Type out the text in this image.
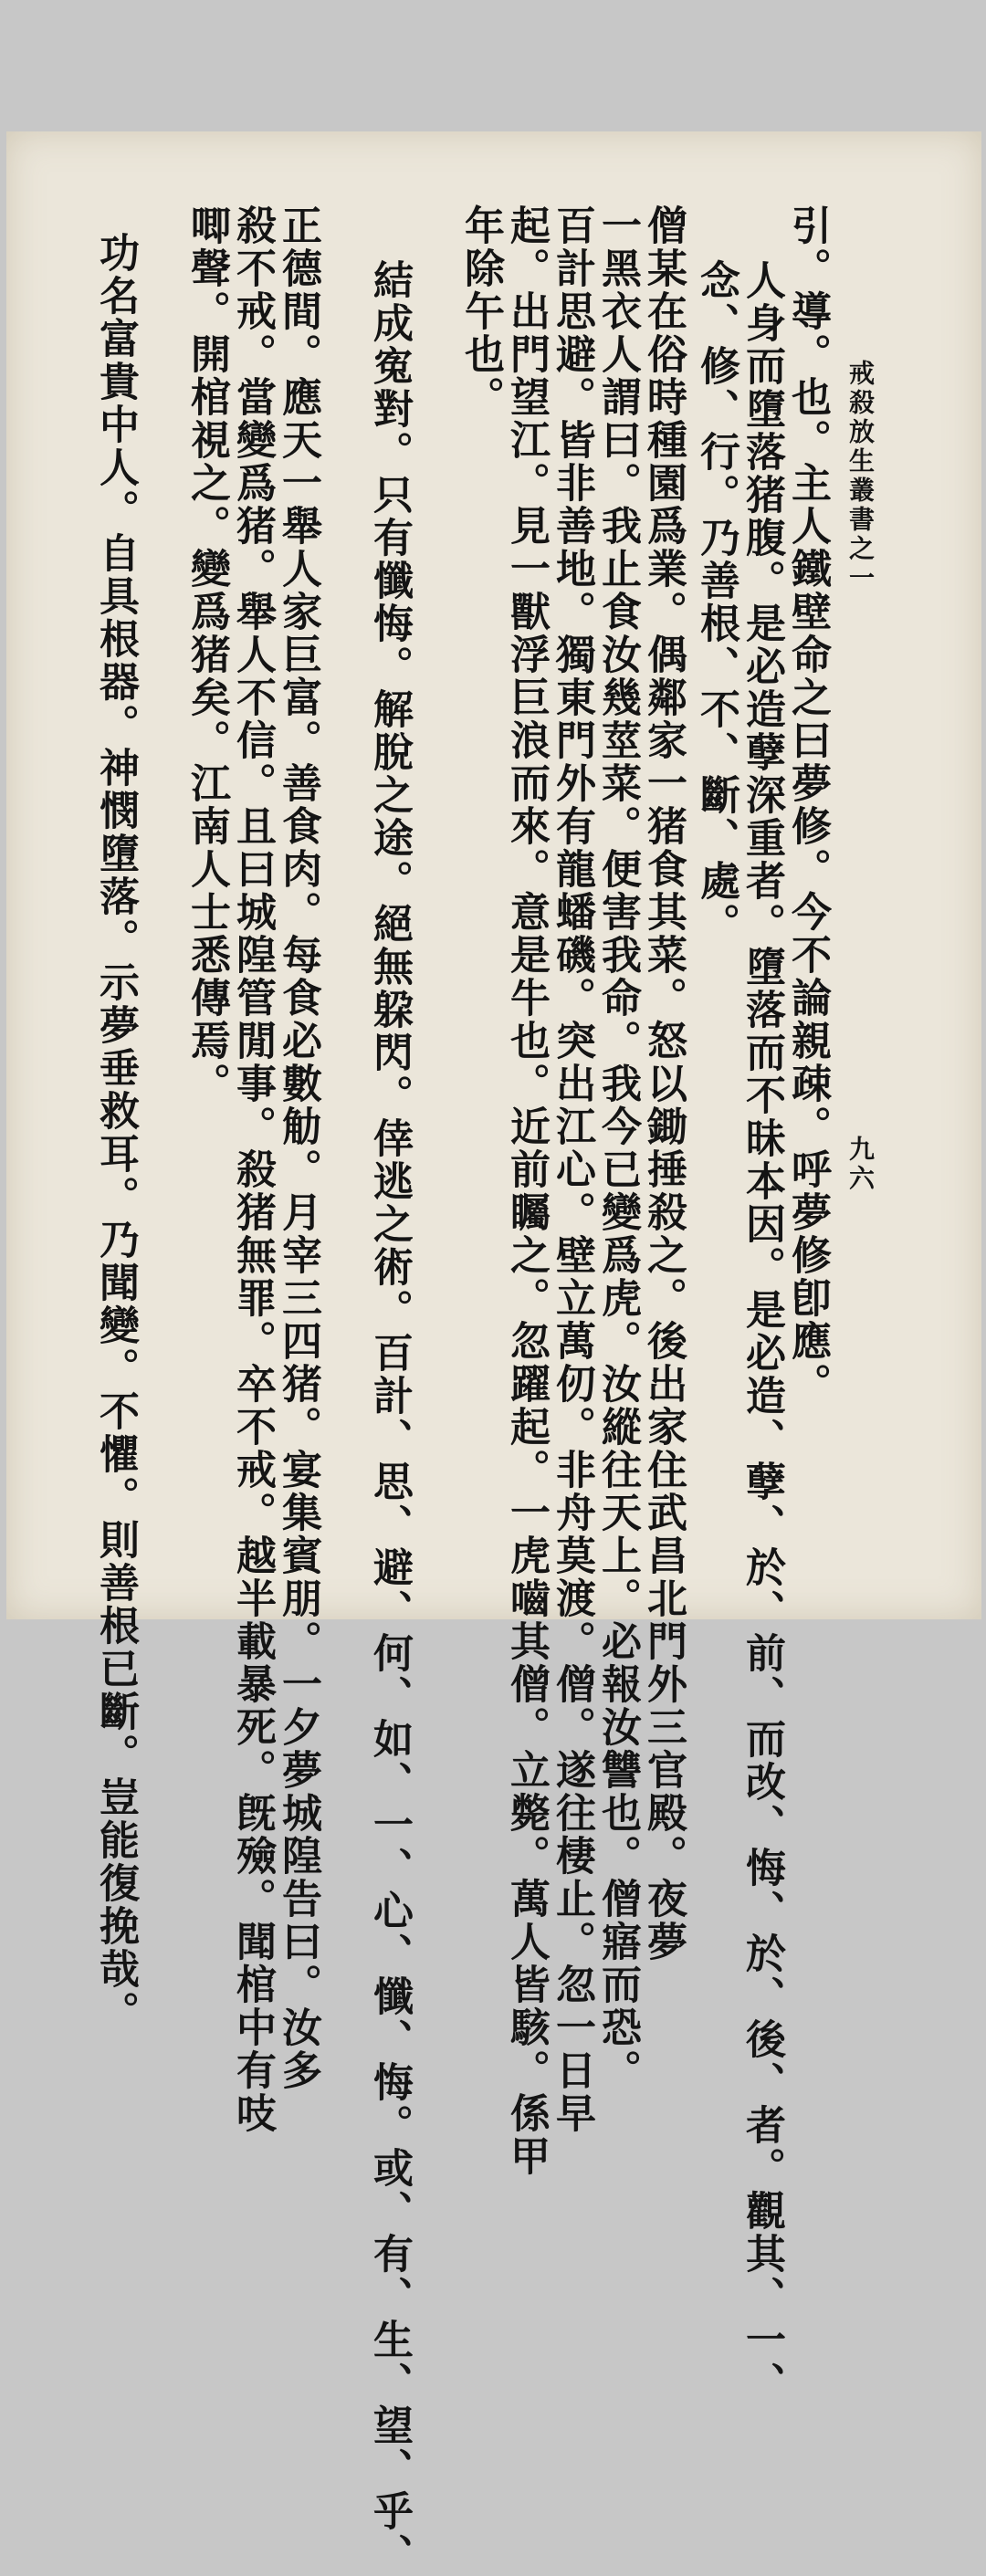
戒殺放生叢書之一
九六
引。導。也。主人鐵壁命之曰夢修。今不論親疎。呼夢修卽應。
人身而墮落猪腹。是必造孽深重者。墮落而不昧本因。是必造、孽、於、前、而改、悔、於、後、者。觀其、一、
念、修、行。乃善根、不、斷、處。
僧某在俗時種園爲業。偶鄰家一猪食其菜。怒以鋤捶殺之。後出家住武昌北門外三官殿。夜夢
一黑衣人謂曰。我止食汝幾莖菜。便害我命。我今已變爲虎。汝縱往天上。必報汝讐也。僧寤而恐。
百計思避。皆非善地。獨東門外有龍蟠磯。突出江心。壁立萬仞。非舟莫渡。僧。遂往棲止。忽一日早
起。出門望江。見一獸浮巨浪而來。意是牛也。近前矚之。忽躍起。一虎嚙其僧。立斃。萬人皆駭。係甲
年除午也。
結成寃對。只有懺悔。解脫之途。絕無躱閃。倖逃之術。百計、思、避、何、如、一、心、懺、悔。或、有、生、望、乎、
正德間。應天一舉人家巨富。善食肉。每食必數觔。月宰三四猪。宴集賓朋。一夕夢城隍告曰。汝多
殺不戒。當變爲猪。舉人不信。且曰城隍管閒事。殺猪無罪。卒不戒。越半載暴死。旣殮。聞棺中有吱
唧聲。開棺視之。變爲猪矣。江南人士悉傳焉。
功名富貴中人。自具根器。神憫墮落。示夢垂救耳。乃聞變。不懼。則善根已斷。豈能復挽哉。
